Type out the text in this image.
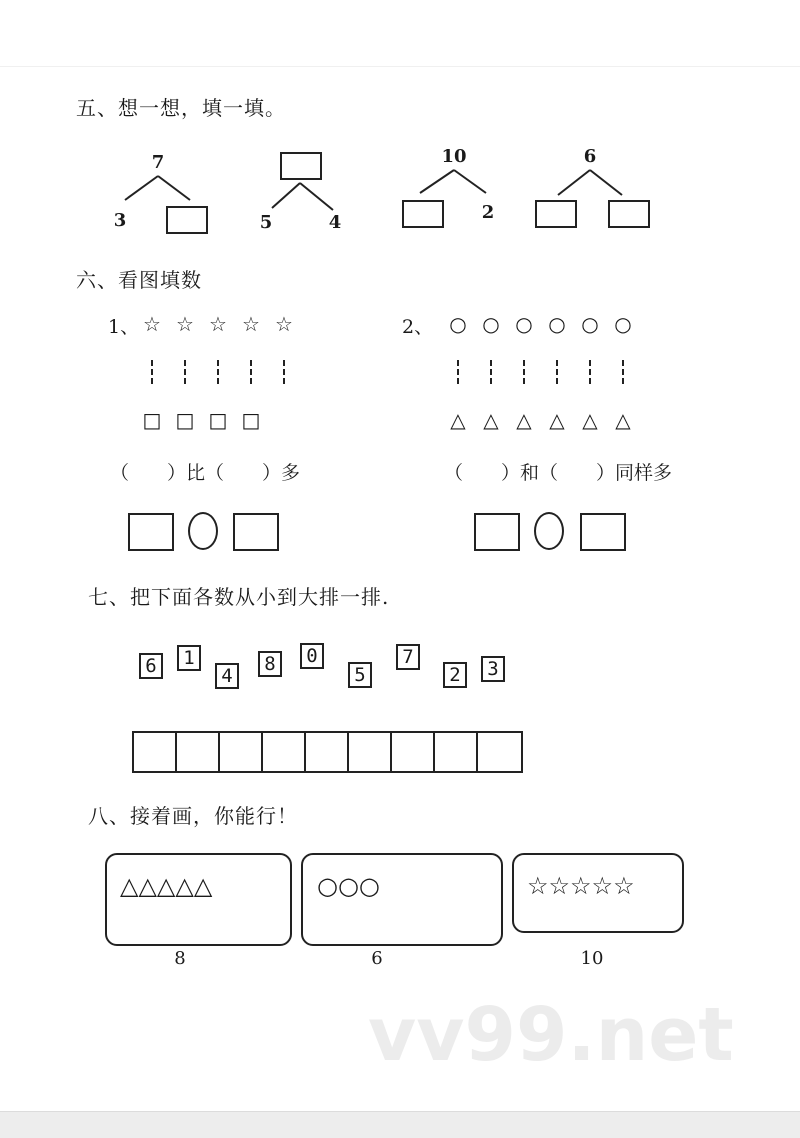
五、想一想，填一填。
7
3	5	4
10
2
6
六、看图填数
1、 ☆ ☆ ☆ ☆ ☆
□ □ □ □
（　　）比（　　）多
2、 ○ ○ ○ ○ ○ ○
△ △ △ △ △ △
（　　）和（　　）同样多
七、把下面各数从小到大排一排.
6	1
4
8	0
5
7
2	3
八、接着画，你能行！
△△△△△
8
○○○
6
☆☆☆☆☆
10
vv99.net
